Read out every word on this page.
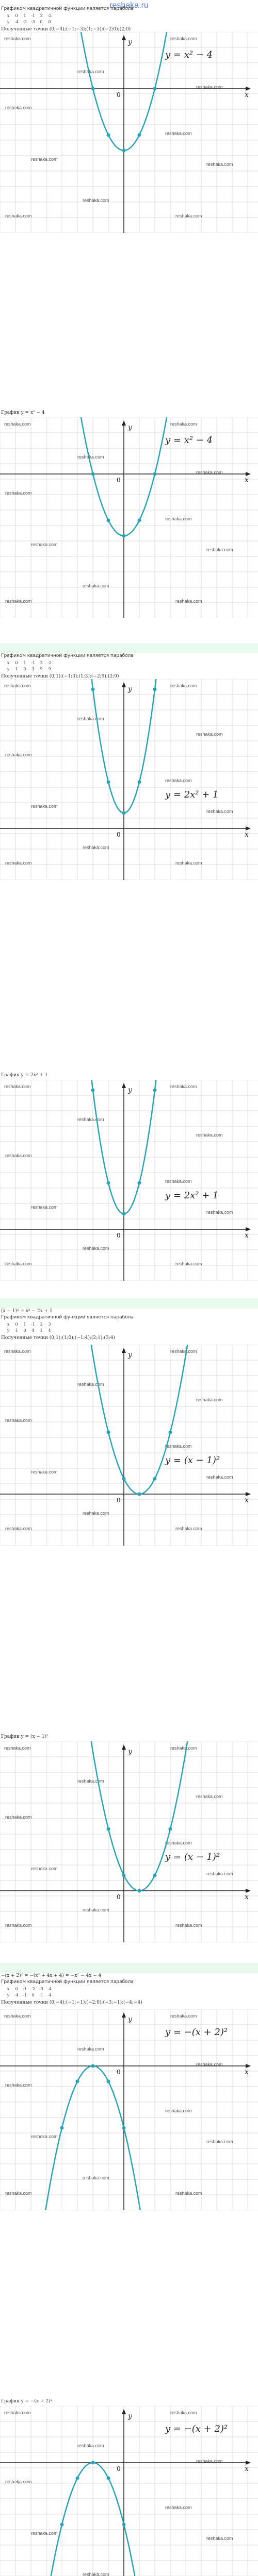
reshaka.ru
Графиком квадратичной функции является парабола
x 0 1 -1 2 -2
y -4 -3 -3 0 0
Полученные точки (0;−4);(−1;−3);(1;−3);(−2;0);(2;0)
reshaka.com	reshaka.com
reshaka.com
reshaka.com
reshaka.com
reshaka.com
reshaka.com
reshaka.com
reshaka.com
reshaka.com	reshaka.com
x
y
0
y = x² − 4
График y = x² − 4
reshaka.com	reshaka.com
reshaka.com
reshaka.com
reshaka.com
reshaka.com
reshaka.com
reshaka.com
reshaka.com
reshaka.com	reshaka.com
x
y
0
y = x² − 4
Графиком квадратичной функции является парабола
x 0 1 -1 2 -2
y 1 3 3 9 9
Полученные точки (0;1);(−1;3);(1;3);(−2;9);(2;9)
reshaka.com	reshaka.com
reshaka.com
reshaka.com
reshaka.com
reshaka.com
reshaka.com
reshaka.com
reshaka.com
reshaka.com	reshaka.com
x
y
0
y = 2x² + 1
График y = 2x² + 1
reshaka.com	reshaka.com
reshaka.com
reshaka.com
reshaka.com
reshaka.com
reshaka.com
reshaka.com
reshaka.com
reshaka.com	reshaka.com
x
y
0
y = 2x² + 1
(x − 1)² = x² − 2x + 1
Графиком квадратичной функции является парабола
x 0 1 -1 2 3
y 1 0 4 1 4
Полученные точки (0;1);(1;0);(−1;4);(2;1);(3;4)
reshaka.com	reshaka.com
reshaka.com
reshaka.com
reshaka.com
reshaka.com
reshaka.com
reshaka.com
reshaka.com
reshaka.com	reshaka.com
x
y
0
y = (x − 1)²
График y = (x − 1)²
reshaka.com	reshaka.com
reshaka.com
reshaka.com
reshaka.com
reshaka.com
reshaka.com
reshaka.com
reshaka.com
reshaka.com	reshaka.com
x
y
0
y = (x − 1)²
−(x + 2)² = −(x² + 4x + 4) = −x² − 4x − 4
Графиком квадратичной функции является парабола
x 0 -1 -2 -3 -4
y -4 -1 0 -1 -4
Полученные точки (0;−4);(−1;−1);(−2;0);(−3;−1);(−4;−4)
reshaka.com	reshaka.com
reshaka.com
reshaka.com
reshaka.com
reshaka.com
reshaka.com
reshaka.com
reshaka.com
reshaka.com	reshaka.com
x
y
0
y = −(x + 2)²
График y = −(x + 2)²
reshaka.com	reshaka.com
reshaka.com
reshaka.com
reshaka.com
reshaka.com
reshaka.com
reshaka.com
reshaka.com
x
y
0
y = −(x + 2)²
